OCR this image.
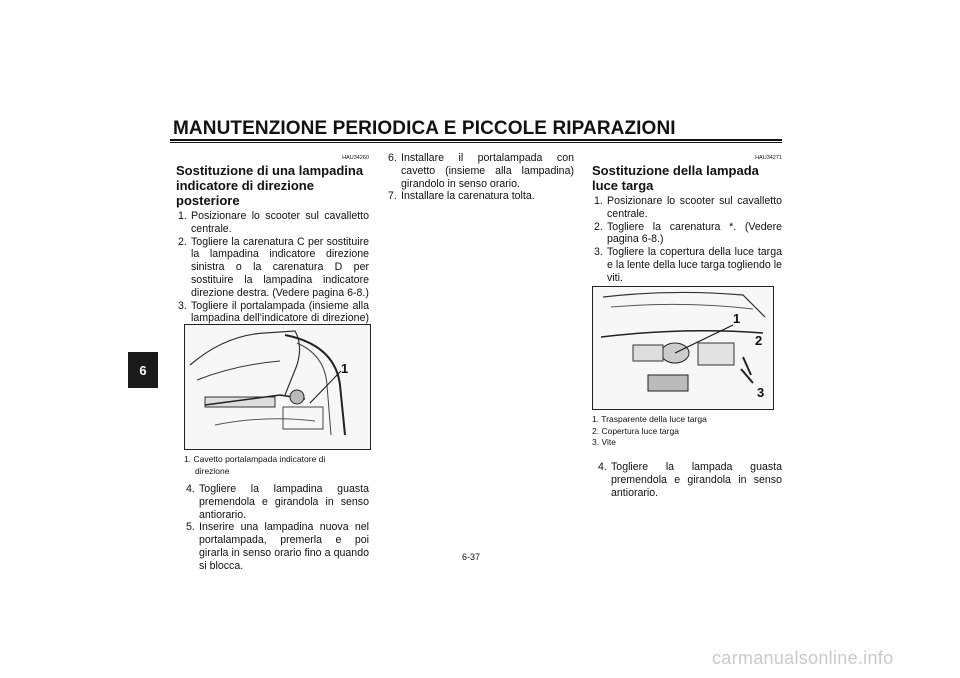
MANUTENZIONE PERIODICA E PICCOLE RIPARAZIONI
6
HAU34260
Sostituzione di una lampadina indicatore di direzione posteriore
1. Posizionare lo scooter sul cavalletto centrale.
2. Togliere la carenatura C per sostituire la lampadina indicatore direzione sinistra o la carenatura D per sostituire la lampadina indicatore direzione destra. (Vedere pagina 6-8.)
3. Togliere il portalampada (insieme alla lampadina dell’indicatore di direzione)
1
1. Cavetto portalampada indicatore di
direzione
4. Togliere la lampadina guasta premendola e girandola in senso antiorario.
5. Inserire una lampadina nuova nel portalampada, premerla e poi girarla in senso orario fino a quando si blocca.
6. Installare il portalampada con cavetto (insieme alla lampadina) girandolo in senso orario.
7. Installare la carenatura tolta.
HAU34271
Sostituzione della lampada luce targa
1. Posizionare lo scooter sul cavalletto centrale.
2. Togliere la carenatura *. (Vedere pagina 6-8.)
3. Togliere la copertura della luce targa e la lente della luce targa togliendo le viti.
1
2
3
1. Trasparente della luce targa
2. Copertura luce targa
3. Vite
4. Togliere la lampada guasta premendola e girandola in senso antiorario.
6-37
carmanualsonline.info
